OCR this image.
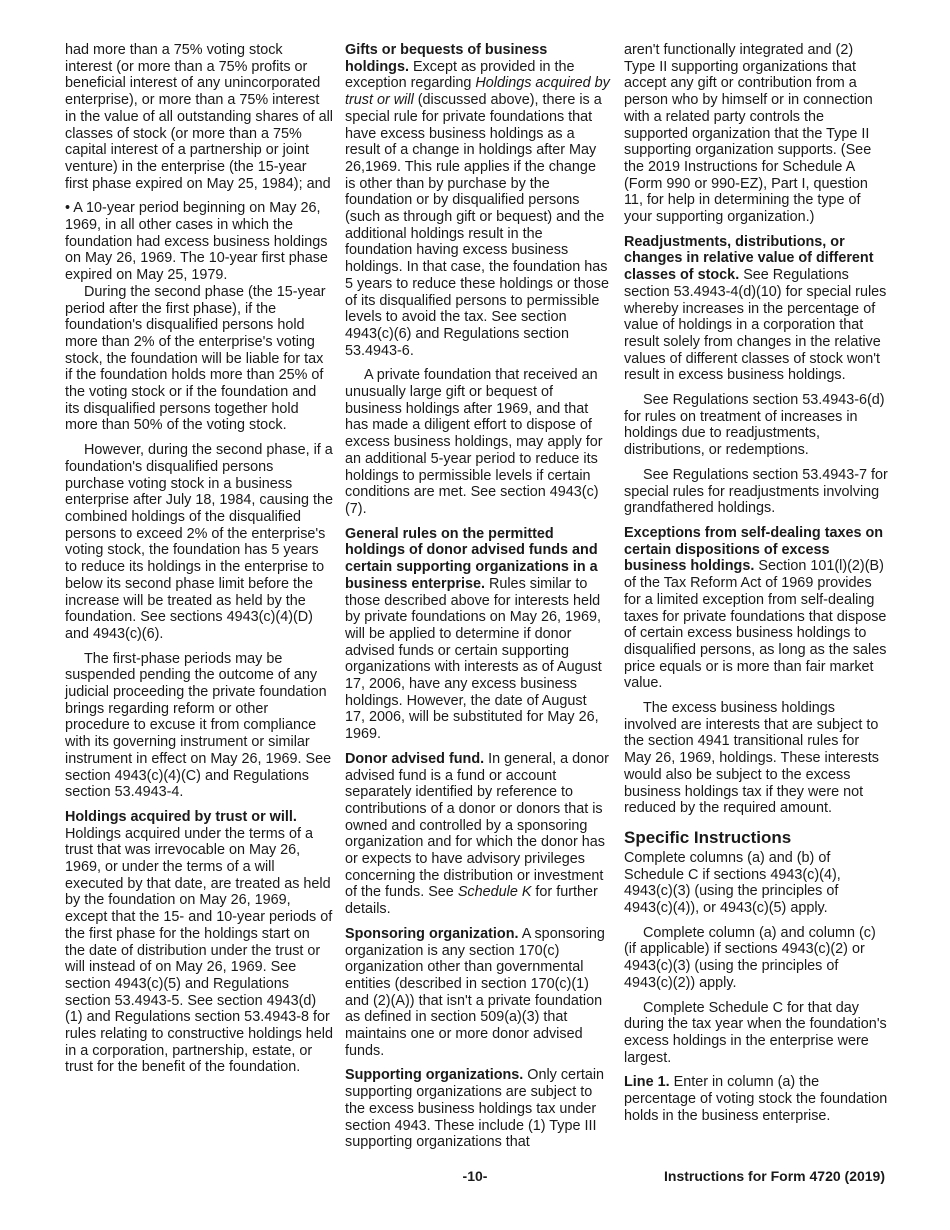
had more than a 75% voting stock interest (or more than a 75% profits or beneficial interest of any unincorporated enterprise), or more than a 75% interest in the value of all outstanding shares of all classes of stock (or more than a 75% capital interest of a partnership or joint venture) in the enterprise (the 15-year first phase expired on May 25, 1984); and

• A 10-year period beginning on May 26, 1969, in all other cases in which the foundation had excess business holdings on May 26, 1969. The 10-year first phase expired on May 25, 1979.

During the second phase (the 15-year period after the first phase), if the foundation's disqualified persons hold more than 2% of the enterprise's voting stock, the foundation will be liable for tax if the foundation holds more than 25% of the voting stock or if the foundation and its disqualified persons together hold more than 50% of the voting stock.

However, during the second phase, if a foundation's disqualified persons purchase voting stock in a business enterprise after July 18, 1984, causing the combined holdings of the disqualified persons to exceed 2% of the enterprise's voting stock, the foundation has 5 years to reduce its holdings in the enterprise to below its second phase limit before the increase will be treated as held by the foundation. See sections 4943(c)(4)(D) and 4943(c)(6).

The first-phase periods may be suspended pending the outcome of any judicial proceeding the private foundation brings regarding reform or other procedure to excuse it from compliance with its governing instrument or similar instrument in effect on May 26, 1969. See section 4943(c)(4)(C) and Regulations section 53.4943-4.

Holdings acquired by trust or will.
Holdings acquired under the terms of a trust that was irrevocable on May 26, 1969, or under the terms of a will executed by that date, are treated as held by the foundation on May 26, 1969, except that the 15- and 10-year periods of the first phase for the holdings start on the date of distribution under the trust or will instead of on May 26, 1969. See section 4943(c)(5) and Regulations section 53.4943-5. See section 4943(d)(1) and Regulations section 53.4943-8 for rules relating to constructive holdings held in a corporation, partnership, estate, or trust for the benefit of the foundation.

Gifts or bequests of business holdings. Except as provided in the exception regarding Holdings acquired by trust or will (discussed above), there is a special rule for private foundations that have excess business holdings as a result of a change in holdings after May 26,1969. This rule applies if the change is other than by purchase by the foundation or by disqualified persons (such as through gift or bequest) and the additional holdings result in the foundation having excess business holdings. In that case, the foundation has 5 years to reduce these holdings or those of its disqualified persons to permissible levels to avoid the tax. See section 4943(c)(6) and Regulations section 53.4943-6.

A private foundation that received an unusually large gift or bequest of business holdings after 1969, and that has made a diligent effort to dispose of excess business holdings, may apply for an additional 5-year period to reduce its holdings to permissible levels if certain conditions are met. See section 4943(c)(7).

General rules on the permitted holdings of donor advised funds and certain supporting organizations in a business enterprise. Rules similar to those described above for interests held by private foundations on May 26, 1969, will be applied to determine if donor advised funds or certain supporting organizations with interests as of August 17, 2006, have any excess business holdings. However, the date of August 17, 2006, will be substituted for May 26, 1969.

Donor advised fund. In general, a donor advised fund is a fund or account separately identified by reference to contributions of a donor or donors that is owned and controlled by a sponsoring organization and for which the donor has or expects to have advisory privileges concerning the distribution or investment of the funds. See Schedule K for further details.

Sponsoring organization. A sponsoring organization is any section 170(c) organization other than governmental entities (described in section 170(c)(1) and (2)(A)) that isn't a private foundation as defined in section 509(a)(3) that maintains one or more donor advised funds.

Supporting organizations. Only certain supporting organizations are subject to the excess business holdings tax under section 4943. These include (1) Type III supporting organizations that

aren't functionally integrated and (2) Type II supporting organizations that accept any gift or contribution from a person who by himself or in connection with a related party controls the supported organization that the Type II supporting organization supports. (See the 2019 Instructions for Schedule A (Form 990 or 990-EZ), Part I, question 11, for help in determining the type of your supporting organization.)

Readjustments, distributions, or changes in relative value of different classes of stock. See Regulations section 53.4943-4(d)(10) for special rules whereby increases in the percentage of value of holdings in a corporation that result solely from changes in the relative values of different classes of stock won't result in excess business holdings.

See Regulations section 53.4943-6(d) for rules on treatment of increases in holdings due to readjustments, distributions, or redemptions.

See Regulations section 53.4943-7 for special rules for readjustments involving grandfathered holdings.

Exceptions from self-dealing taxes on certain dispositions of excess business holdings. Section 101(l)(2)(B) of the Tax Reform Act of 1969 provides for a limited exception from self-dealing taxes for private foundations that dispose of certain excess business holdings to disqualified persons, as long as the sales price equals or is more than fair market value.

The excess business holdings involved are interests that are subject to the section 4941 transitional rules for May 26, 1969, holdings. These interests would also be subject to the excess business holdings tax if they were not reduced by the required amount.

Specific Instructions

Complete columns (a) and (b) of Schedule C if sections 4943(c)(4), 4943(c)(3) (using the principles of 4943(c)(4)), or 4943(c)(5) apply.

Complete column (a) and column (c) (if applicable) if sections 4943(c)(2) or 4943(c)(3) (using the principles of 4943(c)(2)) apply.

Complete Schedule C for that day during the tax year when the foundation's excess holdings in the enterprise were largest.

Line 1. Enter in column (a) the percentage of voting stock the foundation holds in the business enterprise.

-10-	Instructions for Form 4720 (2019)
